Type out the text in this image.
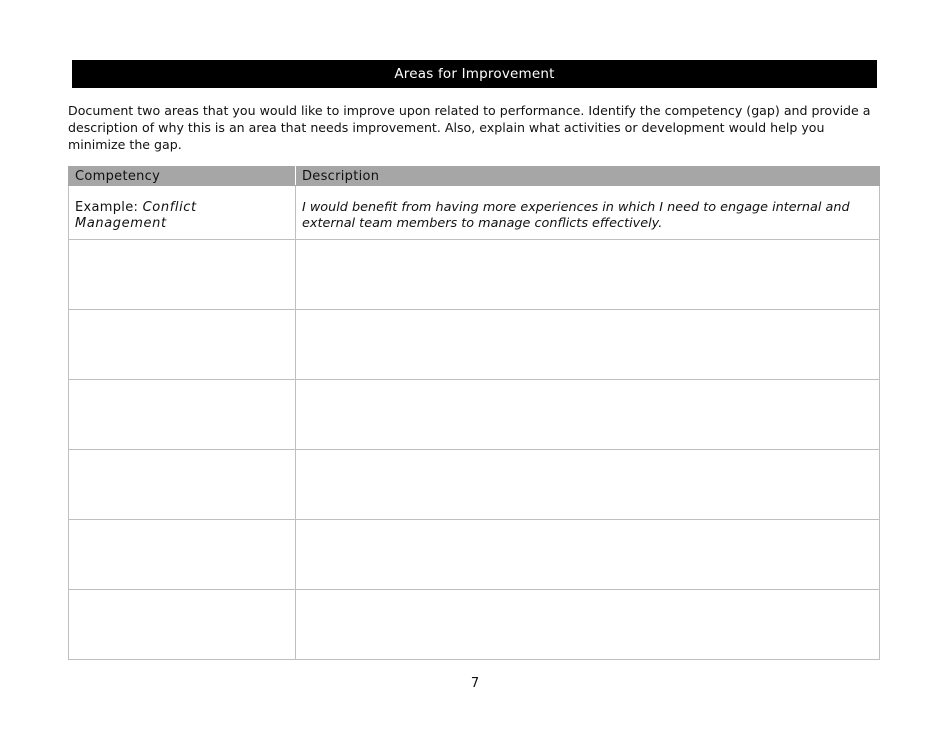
Areas for Improvement
Document two areas that you would like to improve upon related to performance. Identify the competency (gap) and provide a description of why this is an area that needs improvement. Also, explain what activities or development would help you minimize the gap.
Competency	Description
Example: Conflict Management	I would benefit from having more experiences in which I need to engage internal and external team members to manage conflicts effectively.

7
